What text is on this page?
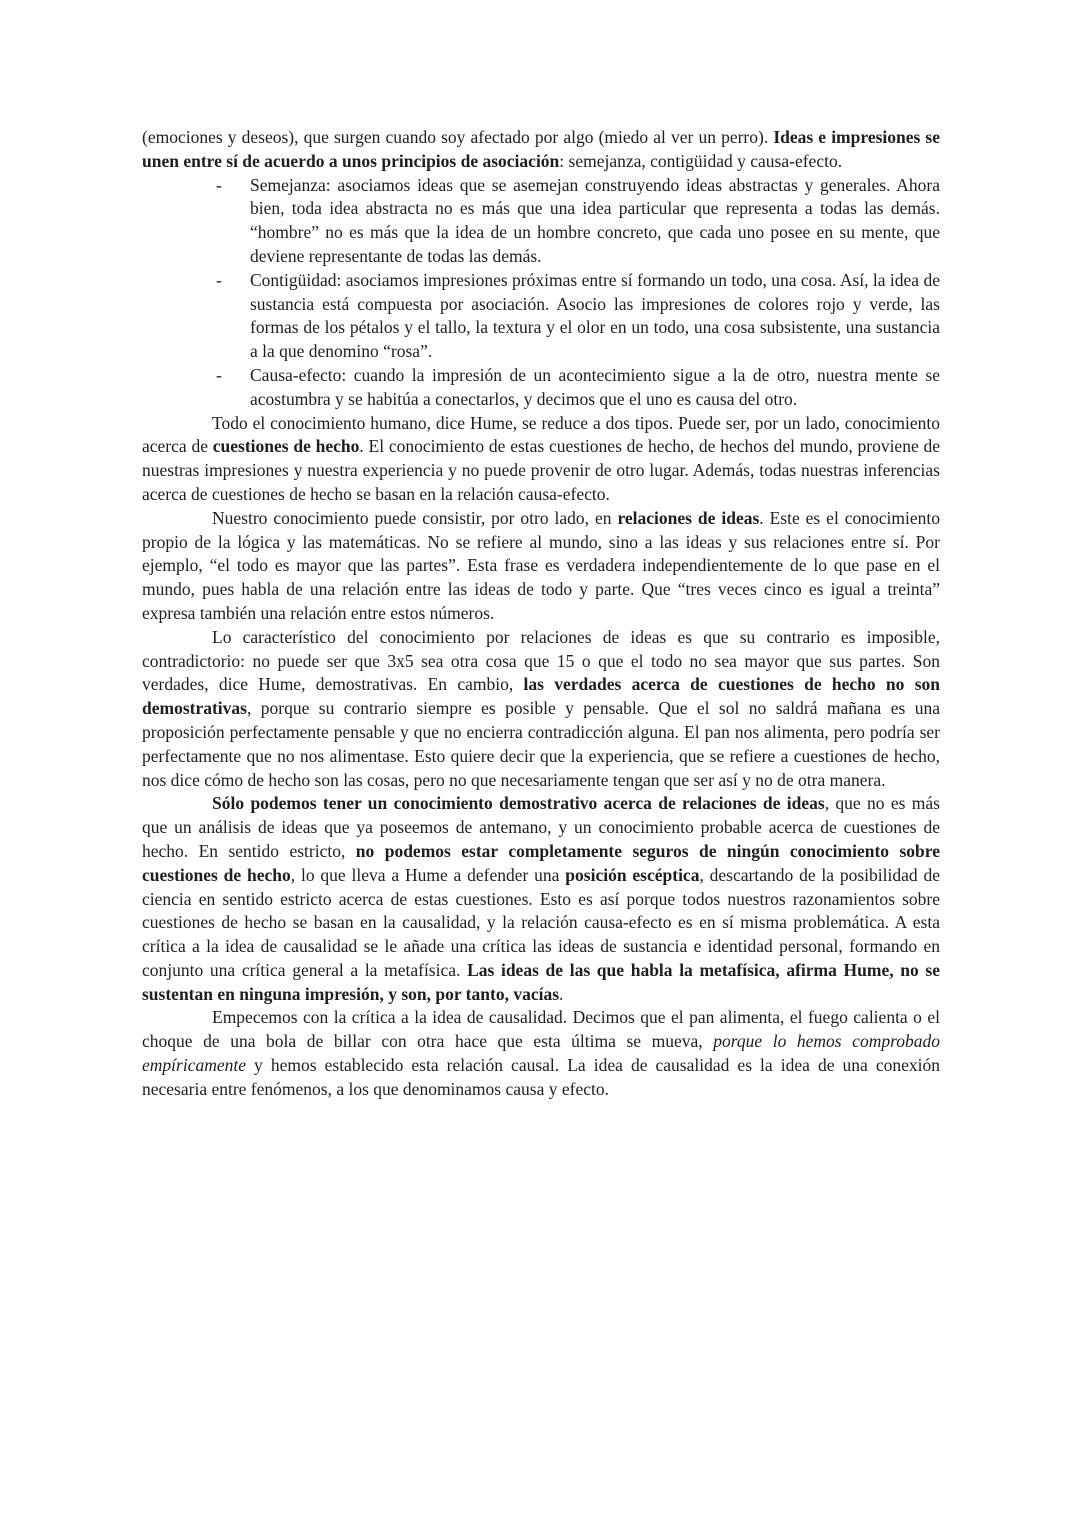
(emociones y deseos), que surgen cuando soy afectado por algo (miedo al ver un perro). Ideas e impresiones se unen entre sí de acuerdo a unos principios de asociación: semejanza, contigüidad y causa-efecto.

- Semejanza: asociamos ideas que se asemejan construyendo ideas abstractas y generales. Ahora bien, toda idea abstracta no es más que una idea particular que representa a todas las demás. “hombre” no es más que la idea de un hombre concreto, que cada uno posee en su mente, que deviene representante de todas las demás.
- Contigüidad: asociamos impresiones próximas entre sí formando un todo, una cosa. Así, la idea de sustancia está compuesta por asociación. Asocio las impresiones de colores rojo y verde, las formas de los pétalos y el tallo, la textura y el olor en un todo, una cosa subsistente, una sustancia a la que denomino “rosa”.
- Causa-efecto: cuando la impresión de un acontecimiento sigue a la de otro, nuestra mente se acostumbra y se habitúa a conectarlos, y decimos que el uno es causa del otro.

Todo el conocimiento humano, dice Hume, se reduce a dos tipos. Puede ser, por un lado, conocimiento acerca de cuestiones de hecho. El conocimiento de estas cuestiones de hecho, de hechos del mundo, proviene de nuestras impresiones y nuestra experiencia y no puede provenir de otro lugar. Además, todas nuestras inferencias acerca de cuestiones de hecho se basan en la relación causa-efecto.

Nuestro conocimiento puede consistir, por otro lado, en relaciones de ideas. Este es el conocimiento propio de la lógica y las matemáticas. No se refiere al mundo, sino a las ideas y sus relaciones entre sí. Por ejemplo, “el todo es mayor que las partes”. Esta frase es verdadera independientemente de lo que pase en el mundo, pues habla de una relación entre las ideas de todo y parte. Que “tres veces cinco es igual a treinta” expresa también una relación entre estos números.

Lo característico del conocimiento por relaciones de ideas es que su contrario es imposible, contradictorio: no puede ser que 3x5 sea otra cosa que 15 o que el todo no sea mayor que sus partes. Son verdades, dice Hume, demostrativas. En cambio, las verdades acerca de cuestiones de hecho no son demostrativas, porque su contrario siempre es posible y pensable. Que el sol no saldrá mañana es una proposición perfectamente pensable y que no encierra contradicción alguna. El pan nos alimenta, pero podría ser perfectamente que no nos alimentase. Esto quiere decir que la experiencia, que se refiere a cuestiones de hecho, nos dice cómo de hecho son las cosas, pero no que necesariamente tengan que ser así y no de otra manera.

Sólo podemos tener un conocimiento demostrativo acerca de relaciones de ideas, que no es más que un análisis de ideas que ya poseemos de antemano, y un conocimiento probable acerca de cuestiones de hecho. En sentido estricto, no podemos estar completamente seguros de ningún conocimiento sobre cuestiones de hecho, lo que lleva a Hume a defender una posición escéptica, descartando de la posibilidad de ciencia en sentido estricto acerca de estas cuestiones. Esto es así porque todos nuestros razonamientos sobre cuestiones de hecho se basan en la causalidad, y la relación causa-efecto es en sí misma problemática. A esta crítica a la idea de causalidad se le añade una crítica las ideas de sustancia e identidad personal, formando en conjunto una crítica general a la metafísica. Las ideas de las que habla la metafísica, afirma Hume, no se sustentan en ninguna impresión, y son, por tanto, vacías.

Empecemos con la crítica a la idea de causalidad. Decimos que el pan alimenta, el fuego calienta o el choque de una bola de billar con otra hace que esta última se mueva, porque lo hemos comprobado empíricamente y hemos establecido esta relación causal. La idea de causalidad es la idea de una conexión necesaria entre fenómenos, a los que denominamos causa y efecto.
